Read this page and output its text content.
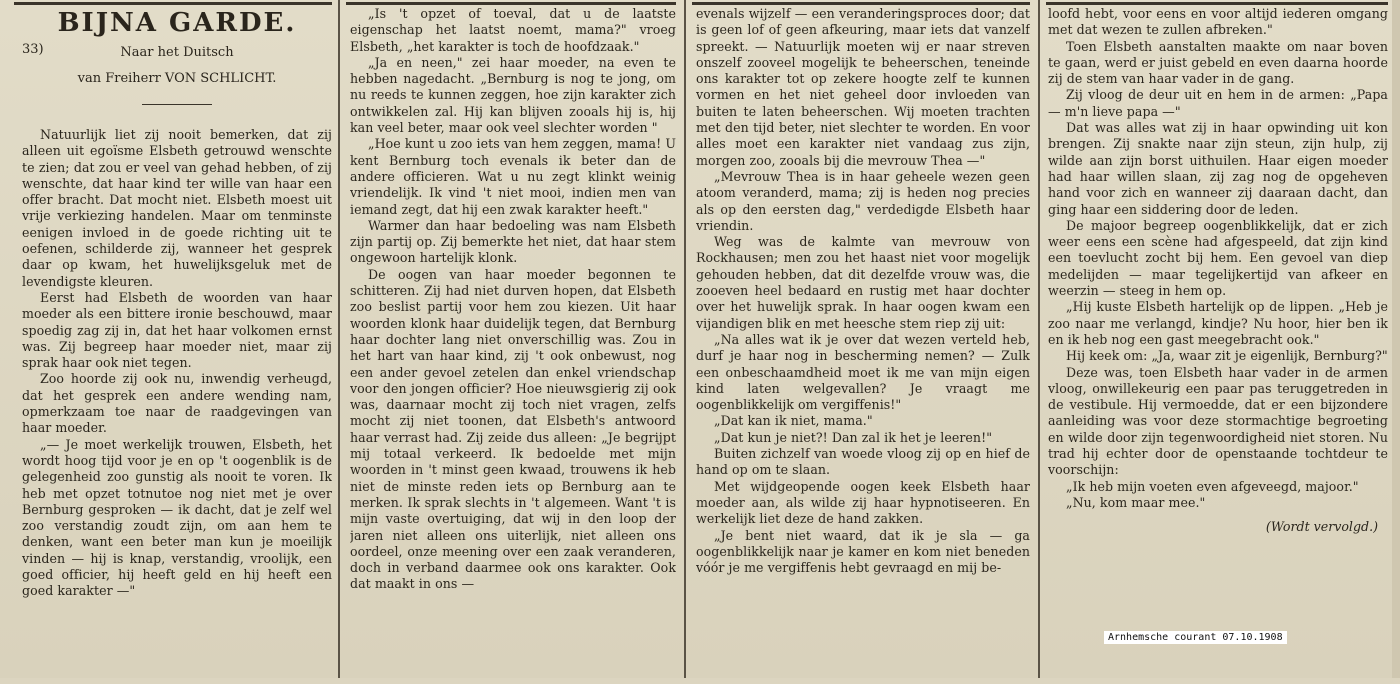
BIJNA GARDE.
33)	Naar het Duitsch

van Freiherr VON SCHLICHT.

Natuurlijk liet zij nooit bemerken, dat zij alleen uit egoïsme Elsbeth getrouwd wenschte te zien; dat zou er veel van gehad hebben, of zij wenschte, dat haar kind ter wille van haar een offer bracht. Dat mocht niet. Elsbeth moest uit vrije verkiezing handelen. Maar om tenminste eenigen invloed in de goede richting uit te oefenen, schilderde zij, wanneer het gesprek daar op kwam, het huwelijksgeluk met de levendigste kleuren.

Eerst had Elsbeth de woorden van haar moeder als een bittere ironie beschouwd, maar spoedig zag zij in, dat het haar volkomen ernst was. Zij begreep haar moeder niet, maar zij sprak haar ook niet tegen.

Zoo hoorde zij ook nu, inwendig verheugd, dat het gesprek een andere wending nam, opmerkzaam toe naar de raadgevingen van haar moeder.

„— Je moet werkelijk trouwen, Elsbeth, het wordt hoog tijd voor je en op 't oogenblik is de gelegenheid zoo gunstig als nooit te voren. Ik heb met opzet totnutoe nog niet met je over Bernburg gesproken — ik dacht, dat je zelf wel zoo verstandig zoudt zijn, om aan hem te denken, want een beter man kun je moeilijk vinden — hij is knap, verstandig, vroolijk, een goed officier, hij heeft geld en hij heeft een goed karakter —"

„Is 't opzet of toeval, dat u de laatste eigenschap het laatst noemt, mama?" vroeg Elsbeth, „het karakter is toch de hoofdzaak."

„Ja en neen," zei haar moeder, na even te hebben nagedacht. „Bernburg is nog te jong, om nu reeds te kunnen zeggen, hoe zijn karakter zich ontwikkelen zal. Hij kan blijven zooals hij is, hij kan veel beter, maar ook veel slechter worden "

„Hoe kunt u zoo iets van hem zeggen, mama! U kent Bernburg toch evenals ik beter dan de andere officieren. Wat u nu zegt klinkt weinig vriendelijk. Ik vind 't niet mooi, indien men van iemand zegt, dat hij een zwak karakter heeft."

Warmer dan haar bedoeling was nam Elsbeth zijn partij op. Zij bemerkte het niet, dat haar stem ongewoon hartelijk klonk.

De oogen van haar moeder begonnen te schitteren. Zij had niet durven hopen, dat Elsbeth zoo beslist partij voor hem zou kiezen. Uit haar woorden klonk haar duidelijk tegen, dat Bernburg haar dochter lang niet onverschillig was. Zou in het hart van haar kind, zij 't ook onbewust, nog een ander gevoel zetelen dan enkel vriendschap voor den jongen officier? Hoe nieuwsgierig zij ook was, daarnaar mocht zij toch niet vragen, zelfs mocht zij niet toonen, dat Elsbeth's antwoord haar verrast had. Zij zeide dus alleen: „Je begrijpt mij totaal verkeerd. Ik bedoelde met mijn woorden in 't minst geen kwaad, trouwens ik heb niet de minste reden iets op Bernburg aan te merken. Ik sprak slechts in 't algemeen. Want 't is mijn vaste overtuiging, dat wij in den loop der jaren niet alleen ons uiterlijk, niet alleen ons oordeel, onze meening over een zaak veranderen, doch in verband daarmee ook ons karakter. Ook dat maakt in ons —

evenals wijzelf — een veranderingsproces door; dat is geen lof of geen afkeuring, maar iets dat vanzelf spreekt. — Natuurlijk moeten wij er naar streven onszelf zooveel mogelijk te beheerschen, teneinde ons karakter tot op zekere hoogte zelf te kunnen vormen en het niet geheel door invloeden van buiten te laten beheerschen. Wij moeten trachten met den tijd beter, niet slechter te worden. En voor alles moet een karakter niet vandaag zus zijn, morgen zoo, zooals bij die mevrouw Thea —"

„Mevrouw Thea is in haar geheele wezen geen atoom veranderd, mama; zij is heden nog precies als op den eersten dag," verdedigde Elsbeth haar vriendin.

Weg was de kalmte van mevrouw von Rockhausen; men zou het haast niet voor mogelijk gehouden hebben, dat dit dezelfde vrouw was, die zooeven heel bedaard en rustig met haar dochter over het huwelijk sprak. In haar oogen kwam een vijandigen blik en met heesche stem riep zij uit:

„Na alles wat ik je over dat wezen verteld heb, durf je haar nog in bescherming nemen? — Zulk een onbeschaamdheid moet ik me van mijn eigen kind laten welgevallen? Je vraagt me oogenblikkelijk om vergiffenis!"

„Dat kan ik niet, mama."

„Dat kun je niet?! Dan zal ik het je leeren!"

Buiten zichzelf van woede vloog zij op en hief de hand op om te slaan.

Met wijdgeopende oogen keek Elsbeth haar moeder aan, als wilde zij haar hypnotiseeren. En werkelijk liet deze de hand zakken.

„Je bent niet waard, dat ik je sla — ga oogenblikkelijk naar je kamer en kom niet beneden vóór je me vergiffenis hebt gevraagd en mij be-

loofd hebt, voor eens en voor altijd iederen omgang met dat wezen te zullen afbreken."

Toen Elsbeth aanstalten maakte om naar boven te gaan, werd er juist gebeld en even daarna hoorde zij de stem van haar vader in de gang.

Zij vloog de deur uit en hem in de armen: „Papa — m'n lieve papa —"

Dat was alles wat zij in haar opwinding uit kon brengen. Zij snakte naar zijn steun, zijn hulp, zij wilde aan zijn borst uithuilen. Haar eigen moeder had haar willen slaan, zij zag nog de opgeheven hand voor zich en wanneer zij daaraan dacht, dan ging haar een siddering door de leden.

De majoor begreep oogenblikkelijk, dat er zich weer eens een scène had afgespeeld, dat zijn kind een toevlucht zocht bij hem. Een gevoel van diep medelijden — maar tegelijkertijd van afkeer en weerzin — steeg in hem op.

„Hij kuste Elsbeth hartelijk op de lippen. „Heb je zoo naar me verlangd, kindje? Nu hoor, hier ben ik en ik heb nog een gast meegebracht ook."

Hij keek om: „Ja, waar zit je eigenlijk, Bernburg?"

Deze was, toen Elsbeth haar vader in de armen vloog, onwillekeurig een paar pas teruggetreden in de vestibule. Hij vermoedde, dat er een bijzondere aanleiding was voor deze stormachtige begroeting en wilde door zijn tegenwoordigheid niet storen. Nu trad hij echter door de openstaande tochtdeur te voorschijn:

„Ik heb mijn voeten even afgeveegd, majoor."

„Nu, kom maar mee."

(Wordt vervolgd.)
Arnhemsche courant 07.10.1908
